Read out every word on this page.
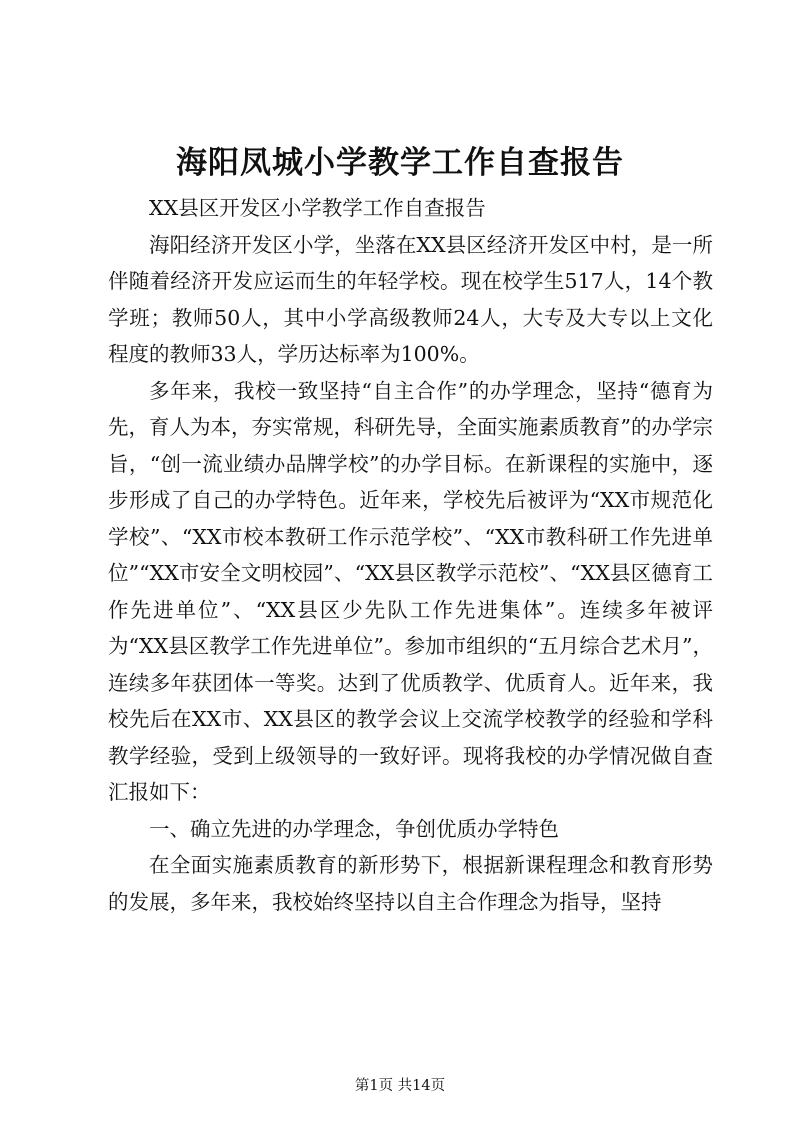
海阳凤城小学教学工作自查报告

XX县区开发区小学教学工作自查报告

海阳经济开发区小学，坐落在XX县区经济开发区中村，是一所伴随着经济开发应运而生的年轻学校。现在校学生517人，14个教学班；教师50人，其中小学高级教师24人，大专及大专以上文化程度的教师33人，学历达标率为100%。

多年来，我校一致坚持“自主合作”的办学理念，坚持“德育为先，育人为本，夯实常规，科研先导，全面实施素质教育”的办学宗旨，“创一流业绩办品牌学校”的办学目标。在新课程的实施中，逐步形成了自己的办学特色。近年来，学校先后被评为“XX市规范化学校”、“XX市校本教研工作示范学校”、“XX市教科研工作先进单位”“XX市安全文明校园”、“XX县区教学示范校”、“XX县区德育工作先进单位”、“XX县区少先队工作先进集体”。连续多年被评为“XX县区教学工作先进单位”。参加市组织的“五月综合艺术月”，连续多年获团体一等奖。达到了优质教学、优质育人。近年来，我校先后在XX市、XX县区的教学会议上交流学校教学的经验和学科教学经验，受到上级领导的一致好评。现将我校的办学情况做自查汇报如下：

一、确立先进的办学理念，争创优质办学特色

在全面实施素质教育的新形势下，根据新课程理念和教育形势的发展，多年来，我校始终坚持以自主合作理念为指导，坚持

第1页 共14页
